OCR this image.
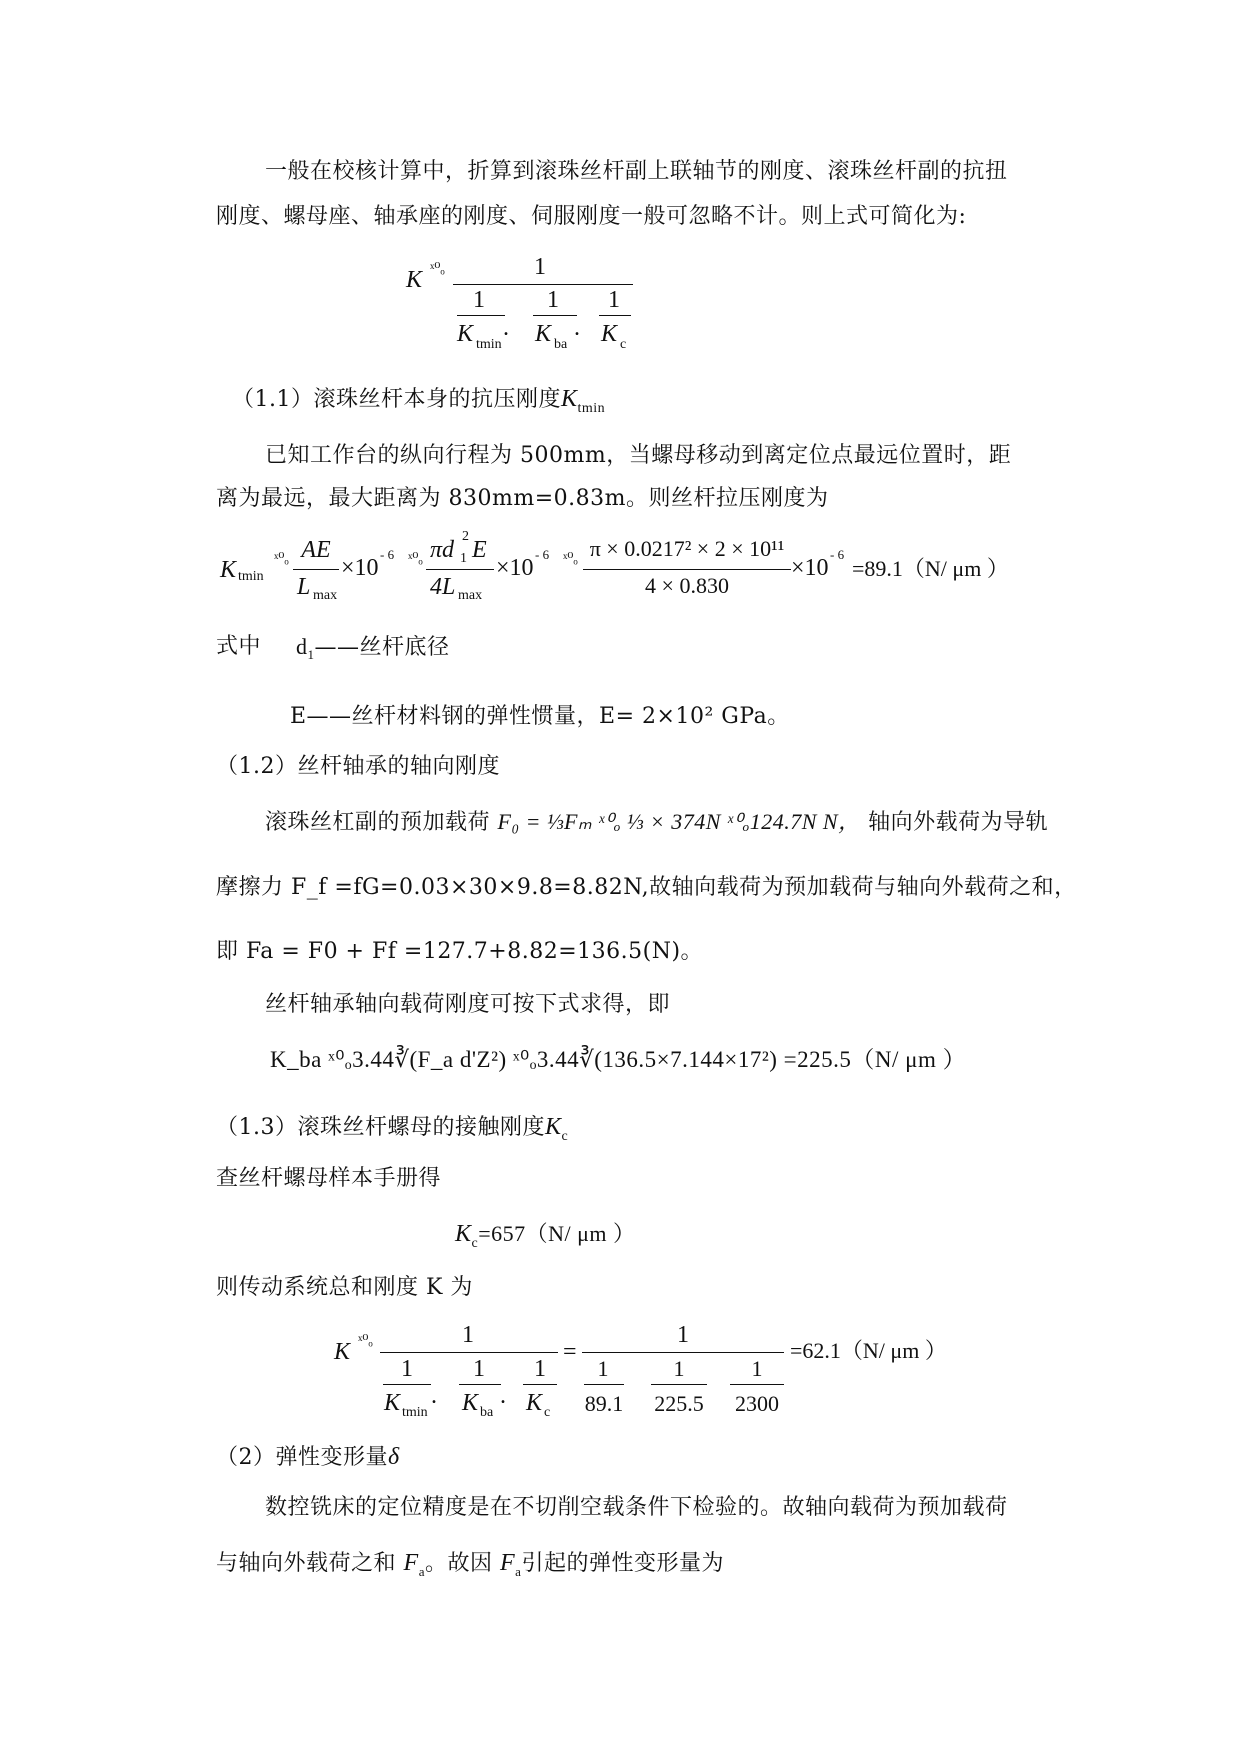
一般在校核计算中，折算到滚珠丝杆副上联轴节的刚度、滚珠丝杆副的抗扭
刚度、螺母座、轴承座的刚度、伺服刚度一般可忽略不计。则上式可简化为:
K ˣ⁰ₒ	1
1
K tmin
.
1
K ba
.
1
K c
（1.1）滚珠丝杆本身的抗压刚度$K_{tmin}$
已知工作台的纵向行程为 500mm，当螺母移动到离定位点最远位置时，距
离为最远，最大距离为 830mm=0.83m。则丝杆拉压刚度为
K tmin
ˣ⁰ₒ AE
L max
×10
- 6 ˣ⁰ₒ πd 1
2
E
4L max
×10
- 6 ˣ⁰ₒ π × 0.0217² × 2 × 10¹¹
4 × 0.830
×10
- 6
=89.1（N/ μm ）
式中 $d_1——$丝杆底径
E——丝杆材料钢的弹性惯量，E= 2×10² GPa。
（1.2）丝杆轴承的轴向刚度
滚珠丝杠副的预加载荷 F₀ = ⅓Fₘ ˣ⁰ₒ ⅓ × 374N ˣ⁰ₒ124.7N N， 轴向外载荷为导轨
摩擦力 F_f =fG=0.03×30×9.8=8.82N,故轴向载荷为预加载荷与轴向外载荷之和，
即 Fa = F0 + Ff =127.7+8.82=136.5(N)。
丝杆轴承轴向载荷刚度可按下式求得，即
K_ba ˣ⁰ₒ3.44∛(F_a d'Z²) ˣ⁰ₒ3.44∛(136.5×7.144×17²) =225.5（N/ μm ）
（1.3）滚珠丝杆螺母的接触刚度$K_c$
查丝杆螺母样本手册得
$K_c=657(N/$ μm ）
则传动系统总和刚度 K 为
K ˣ⁰ₒ	1
1
K tmin
.
1
K ba
.
1
K c
=
1
1
89.1
1
225.5
1
2300
=62.1（N/ μm ）
（2）弹性变形量δ
数控铣床的定位精度是在不切削空载条件下检验的。故轴向载荷为预加载荷
与轴向外载荷之和 $F_a$。故因 $F_a$引起的弹性变形量为
